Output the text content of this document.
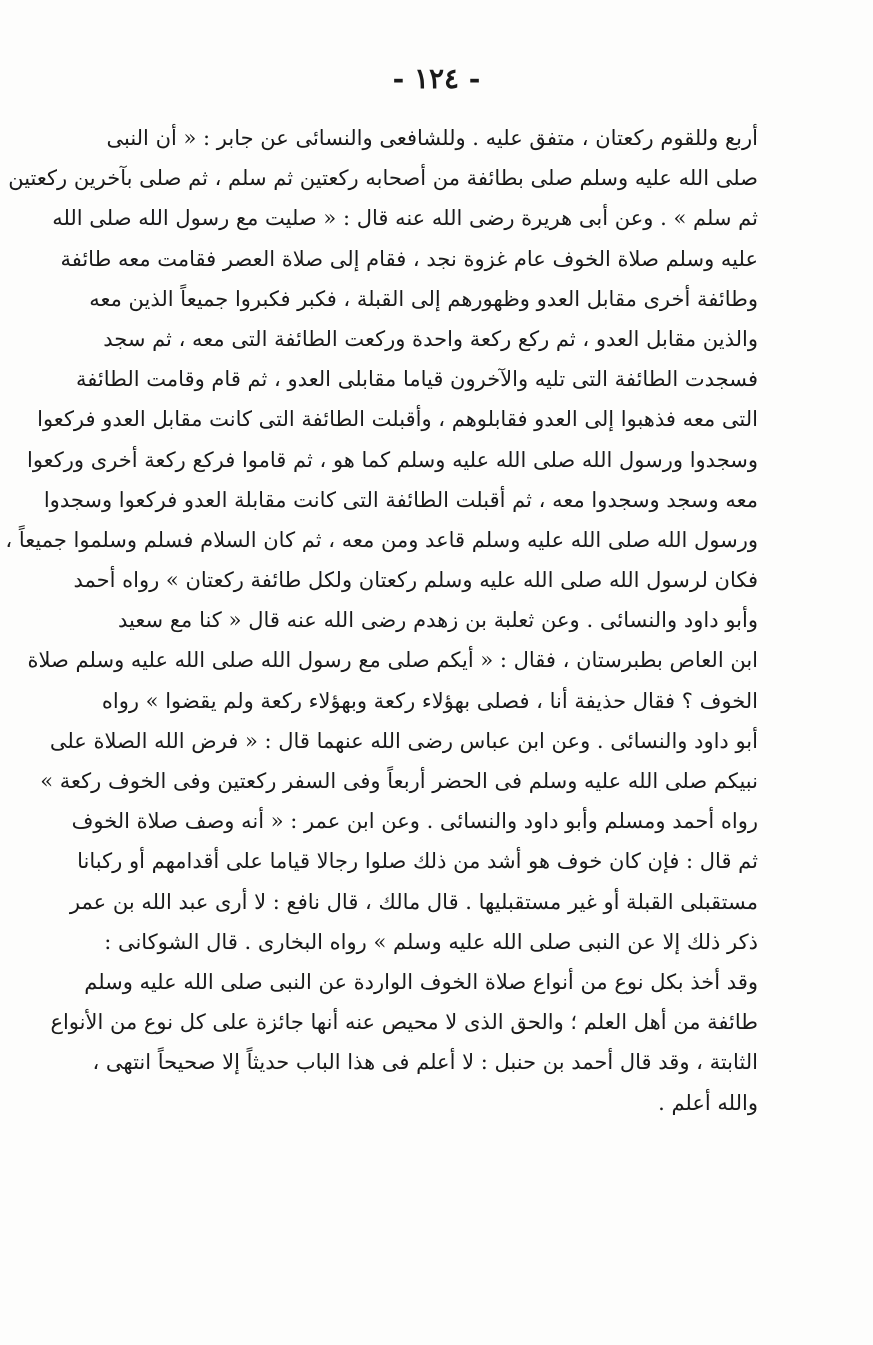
- ١٢٤ -
أربع وللقوم ركعتان ، متفق عليه . وللشافعى والنسائى عن جابر : « أن النبى
صلى الله عليه وسلم صلى بطائفة من أصحابه ركعتين ثم سلم ، ثم صلى بآخرين ركعتين
ثم سلم » . وعن أبى هريرة رضى الله عنه قال : « صليت مع رسول الله صلى الله
عليه وسلم صلاة الخوف عام غزوة نجد ، فقام إلى صلاة العصر فقامت معه طائفة
وطائفة أخرى مقابل العدو وظهورهم إلى القبلة ، فكبر فكبروا جميعاً الذين معه
والذين مقابل العدو ، ثم ركع ركعة واحدة وركعت الطائفة التى معه ، ثم سجد
فسجدت الطائفة التى تليه والآخرون قياما مقابلى العدو ، ثم قام وقامت الطائفة
التى معه فذهبوا إلى العدو فقابلوهم ، وأقبلت الطائفة التى كانت مقابل العدو فركعوا
وسجدوا ورسول الله صلى الله عليه وسلم كما هو ، ثم قاموا فركع ركعة أخرى وركعوا
معه وسجد وسجدوا معه ، ثم أقبلت الطائفة التى كانت مقابلة العدو فركعوا وسجدوا
ورسول الله صلى الله عليه وسلم قاعد ومن معه ، ثم كان السلام فسلم وسلموا جميعاً ،
فكان لرسول الله صلى الله عليه وسلم ركعتان ولكل طائفة ركعتان » رواه أحمد
وأبو داود والنسائى . وعن ثعلبة بن زهدم رضى الله عنه قال « كنا مع سعيد
ابن العاص بطبرستان ، فقال : « أيكم صلى مع رسول الله صلى الله عليه وسلم صلاة
الخوف ؟ فقال حذيفة أنا ، فصلى بهؤلاء ركعة وبهؤلاء ركعة ولم يقضوا » رواه
أبو داود والنسائى . وعن ابن عباس رضى الله عنهما قال : « فرض الله الصلاة على
نبيكم صلى الله عليه وسلم فى الحضر أربعاً وفى السفر ركعتين وفى الخوف ركعة »
رواه أحمد ومسلم وأبو داود والنسائى . وعن ابن عمر : « أنه وصف صلاة الخوف
ثم قال : فإن كان خوف هو أشد من ذلك صلوا رجالا قياما على أقدامهم أو ركبانا
مستقبلى القبلة أو غير مستقبليها . قال مالك ، قال نافع : لا أرى عبد الله بن عمر
ذكر ذلك إلا عن النبى صلى الله عليه وسلم » رواه البخارى . قال الشوكانى :
وقد أخذ بكل نوع من أنواع صلاة الخوف الواردة عن النبى صلى الله عليه وسلم
طائفة من أهل العلم ؛ والحق الذى لا محيص عنه أنها جائزة على كل نوع من الأنواع
الثابتة ، وقد قال أحمد بن حنبل : لا أعلم فى هذا الباب حديثاً إلا صحيحاً انتهى ،
والله أعلم .
